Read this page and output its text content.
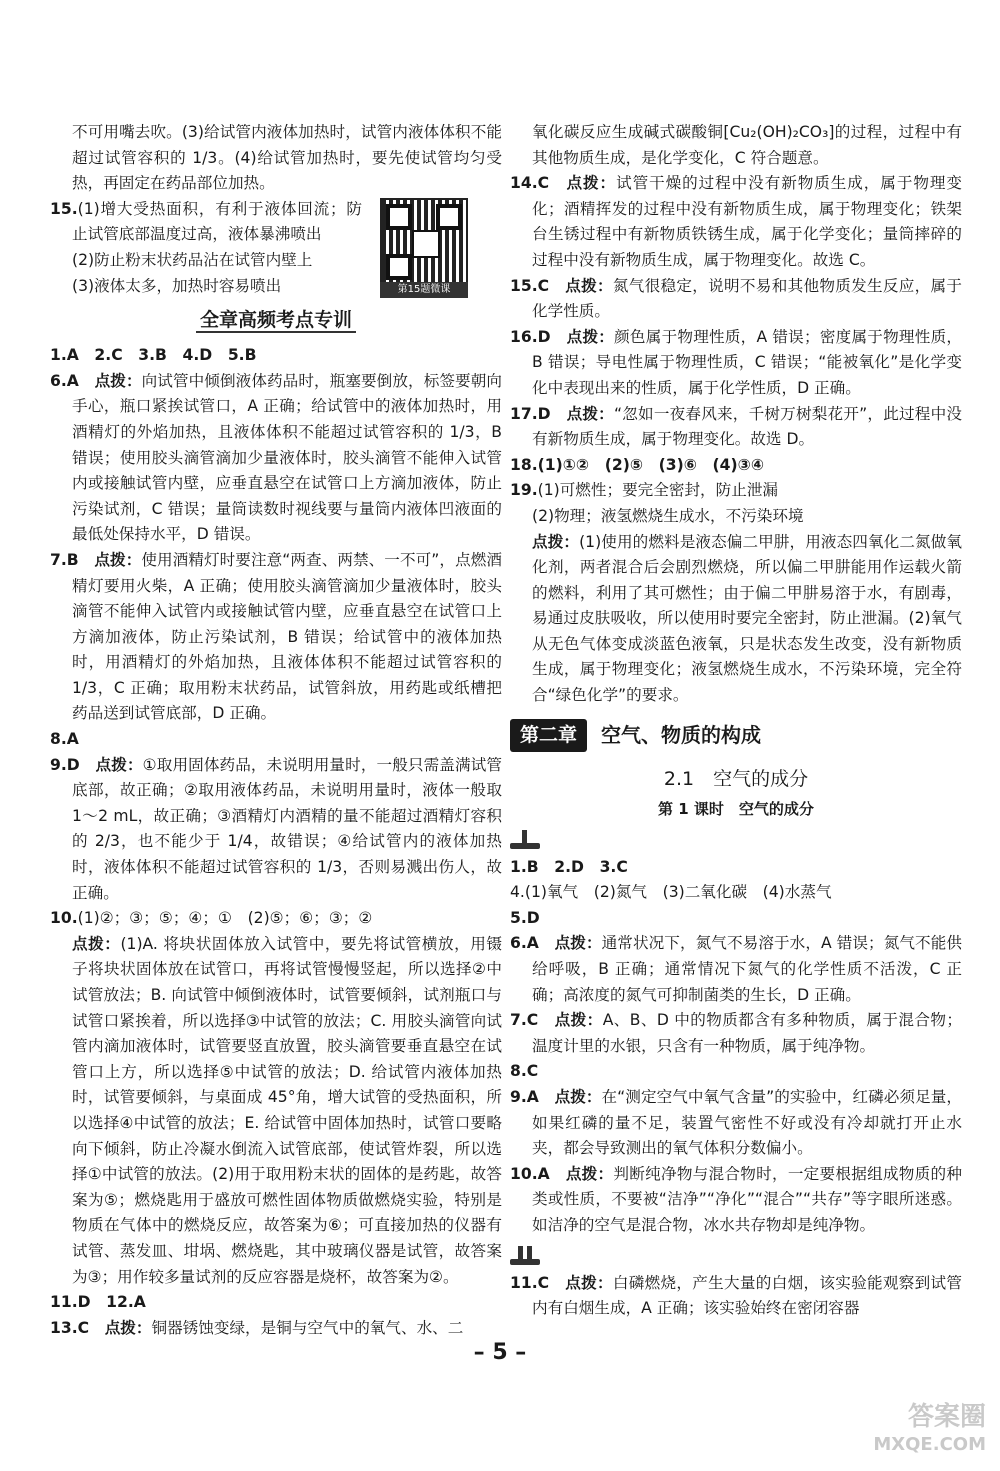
不可用嘴去吹。(3)给试管内液体加热时，试管内液体体积不能超过试管容积的 1/3。(4)给试管加热时，要先使试管均匀受热，再固定在药品部位加热。

15.(1)增大受热面积，有利于液体回流；防止试管底部温度过高，液体暴沸喷出

(2)防止粉末状药品沾在试管内壁上

(3)液体太多，加热时容易喷出	第15题微课
全章高频考点专训

1.A　2.C　3.B　4.D　5.B

6.A　 点拨：向试管中倾倒液体药品时，瓶塞要倒放，标签要朝向手心，瓶口紧挨试管口，A 正确；给试管中的液体加热时，用酒精灯的外焰加热，且液体体积不能超过试管容积的 1/3，B 错误；使用胶头滴管滴加少量液体时，胶头滴管不能伸入试管内或接触试管内壁，应垂直悬空在试管口上方滴加液体，防止污染试剂，C 错误；量筒读数时视线要与量筒内液体凹液面的最低处保持水平，D 错误。

7.B　 点拨：使用酒精灯时要注意“两查、两禁、一不可”，点燃酒精灯要用火柴，A 正确；使用胶头滴管滴加少量液体时，胶头滴管不能伸入试管内或接触试管内壁，应垂直悬空在试管口上方滴加液体，防止污染试剂，B 错误；给试管中的液体加热时，用酒精灯的外焰加热，且液体体积不能超过试管容积的 1/3，C 正确；取用粉末状药品，试管斜放，用药匙或纸槽把药品送到试管底部，D 正确。

8.A

9.D　 点拨：①取用固体药品，未说明用量时，一般只需盖满试管底部，故正确；②取用液体药品，未说明用量时，液体一般取 1～2 mL，故正确；③酒精灯内酒精的量不能超过酒精灯容积的 2/3，也不能少于 1/4，故错误；④给试管内的液体加热时，液体体积不能超过试管容积的 1/3，否则易溅出伤人，故正确。

10.(1)②；③；⑤；④；①　(2)⑤；⑥；③；②

点拨：(1)A. 将块状固体放入试管中，要先将试管横放，用镊子将块状固体放在试管口，再将试管慢慢竖起，所以选择②中试管放法；B. 向试管中倾倒液体时，试管要倾斜，试剂瓶口与试管口紧挨着，所以选择③中试管的放法；C. 用胶头滴管向试管内滴加液体时，试管要竖直放置，胶头滴管要垂直悬空在试管口上方，所以选择⑤中试管的放法；D. 给试管内液体加热时，试管要倾斜，与桌面成 45°角，增大试管的受热面积，所以选择④中试管的放法；E. 给试管中固体加热时，试管口要略向下倾斜，防止冷凝水倒流入试管底部，使试管炸裂，所以选择①中试管的放法。(2)用于取用粉末状的固体的是药匙，故答案为⑤；燃烧匙用于盛放可燃性固体物质做燃烧实验，特别是物质在气体中的燃烧反应，故答案为⑥；可直接加热的仪器有试管、蒸发皿、坩埚、燃烧匙，其中玻璃仪器是试管，故答案为③；用作较多量试剂的反应容器是烧杯，故答案为②。

11.D　12.A

13.C　 点拨：铜器锈蚀变绿，是铜与空气中的氧气、水、二

氧化碳反应生成碱式碳酸铜[Cu₂(OH)₂CO₃]的过程，过程中有其他物质生成，是化学变化，C 符合题意。

14.C　 点拨：试管干燥的过程中没有新物质生成，属于物理变化；酒精挥发的过程中没有新物质生成，属于物理变化；铁架台生锈过程中有新物质铁锈生成，属于化学变化；量筒摔碎的过程中没有新物质生成，属于物理变化。故选 C。

15.C　 点拨：氮气很稳定，说明不易和其他物质发生反应，属于化学性质。

16.D　 点拨：颜色属于物理性质，A 错误；密度属于物理性质，B 错误；导电性属于物理性质，C 错误；“能被氧化”是化学变化中表现出来的性质，属于化学性质，D 正确。

17.D　 点拨：“忽如一夜春风来，千树万树梨花开”，此过程中没有新物质生成，属于物理变化。故选 D。

18.(1)①②　(2)⑤　(3)⑥　(4)③④

19.(1)可燃性；要完全密封，防止泄漏

(2)物理；液氢燃烧生成水，不污染环境

点拨：(1)使用的燃料是液态偏二甲肼，用液态四氧化二氮做氧化剂，两者混合后会剧烈燃烧，所以偏二甲肼能用作运载火箭的燃料，利用了其可燃性；由于偏二甲肼易溶于水，有剧毒，易通过皮肤吸收，所以使用时要完全密封，防止泄漏。(2)氧气从无色气体变成淡蓝色液氧，只是状态发生改变，没有新物质生成，属于物理变化；液氢燃烧生成水，不污染环境，完全符合“绿色化学”的要求。

第二章	空气、物质的构成
2.1　空气的成分
第 1 课时　空气的成分

1.B　2.D　3.C

4.(1)氧气　(2)氮气　(3)二氧化碳　(4)水蒸气

5.D

6.A　 点拨：通常状况下，氮气不易溶于水，A 错误；氮气不能供给呼吸，B 正确；通常情况下氮气的化学性质不活泼，C 正确；高浓度的氮气可抑制菌类的生长，D 正确。

7.C　 点拨：A、B、D 中的物质都含有多种物质，属于混合物；温度计里的水银，只含有一种物质，属于纯净物。

8.C

9.A　 点拨：在“测定空气中氧气含量”的实验中，红磷必须足量，如果红磷的量不足，装置气密性不好或没有冷却就打开止水夹，都会导致测出的氧气体积分数偏小。

10.A　 点拨：判断纯净物与混合物时，一定要根据组成物质的种类或性质，不要被“洁净”“净化”“混合”“共存”等字眼所迷惑。如洁净的空气是混合物，冰水共存物却是纯净物。

11.C　 点拨：白磷燃烧，产生大量的白烟，该实验能观察到试管内有白烟生成，A 正确；该实验始终在密闭容器

– 5 –
答案圈
MXQE.COM
